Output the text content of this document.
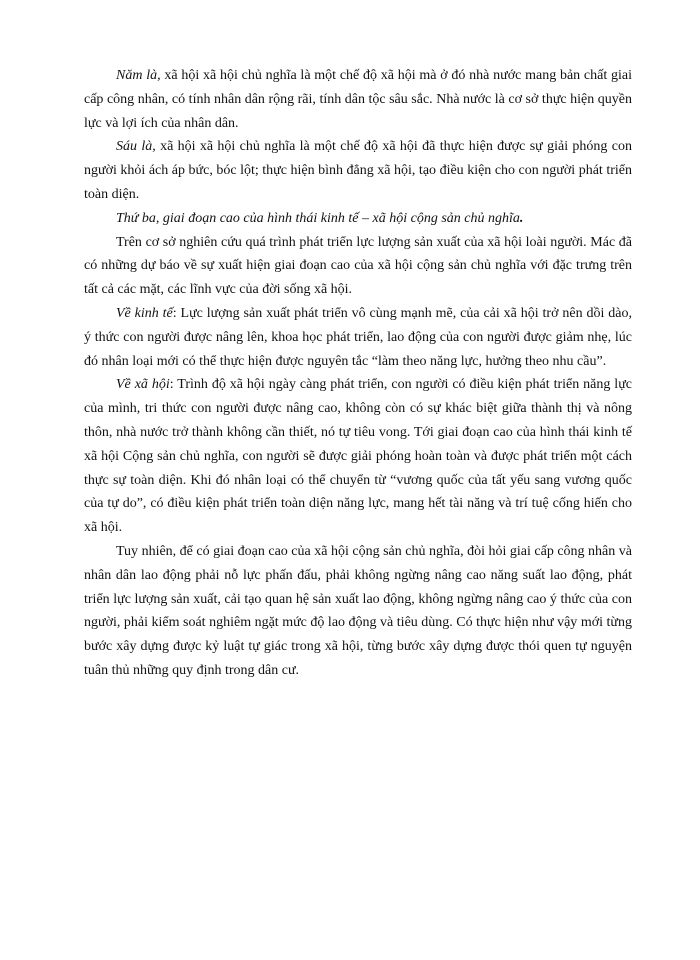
Năm là, xã hội xã hội chủ nghĩa là một chế độ xã hội mà ở đó nhà nước mang bản chất giai cấp công nhân, có tính nhân dân rộng rãi, tính dân tộc sâu sắc. Nhà nước là cơ sở thực hiện quyền lực và lợi ích của nhân dân.

Sáu là, xã hội xã hội chủ nghĩa là một chế độ xã hội đã thực hiện được sự giải phóng con người khỏi ách áp bức, bóc lột; thực hiện bình đẳng xã hội, tạo điều kiện cho con người phát triển toàn diện.

Thứ ba, giai đoạn cao của hình thái kinh tế – xã hội cộng sản chủ nghĩa.

Trên cơ sở nghiên cứu quá trình phát triển lực lượng sản xuất của xã hội loài người. Mác đã có những dự báo về sự xuất hiện giai đoạn cao của xã hội cộng sản chủ nghĩa với đặc trưng trên tất cả các mặt, các lĩnh vực của đời sống xã hội.

Về kinh tế: Lực lượng sản xuất phát triển vô cùng mạnh mẽ, của cải xã hội trở nên dồi dào, ý thức con người được nâng lên, khoa học phát triển, lao động của con người được giảm nhẹ, lúc đó nhân loại mới có thể thực hiện được nguyên tắc “làm theo năng lực, hưởng theo nhu cầu”.

Về xã hội: Trình độ xã hội ngày càng phát triển, con người có điều kiện phát triển năng lực của mình, tri thức con người được nâng cao, không còn có sự khác biệt giữa thành thị và nông thôn, nhà nước trở thành không cần thiết, nó tự tiêu vong. Tới giai đoạn cao của hình thái kinh tế xã hội Cộng sản chủ nghĩa, con người sẽ được giải phóng hoàn toàn và được phát triển một cách thực sự toàn diện. Khi đó nhân loại có thể chuyển từ “vương quốc của tất yếu sang vương quốc của tự do”, có điều kiện phát triển toàn diện năng lực, mang hết tài năng và trí tuệ cống hiến cho xã hội.

Tuy nhiên, để có giai đoạn cao của xã hội cộng sản chủ nghĩa, đòi hỏi giai cấp công nhân và nhân dân lao động phải nỗ lực phấn đấu, phải không ngừng nâng cao năng suất lao động, phát triển lực lượng sản xuất, cải tạo quan hệ sản xuất lao động, không ngừng nâng cao ý thức của con người, phải kiểm soát nghiêm ngặt mức độ lao động và tiêu dùng. Có thực hiện như vậy mới từng bước xây dựng được kỷ luật tự giác trong xã hội, từng bước xây dựng được thói quen tự nguyện tuân thủ những quy định trong dân cư.
